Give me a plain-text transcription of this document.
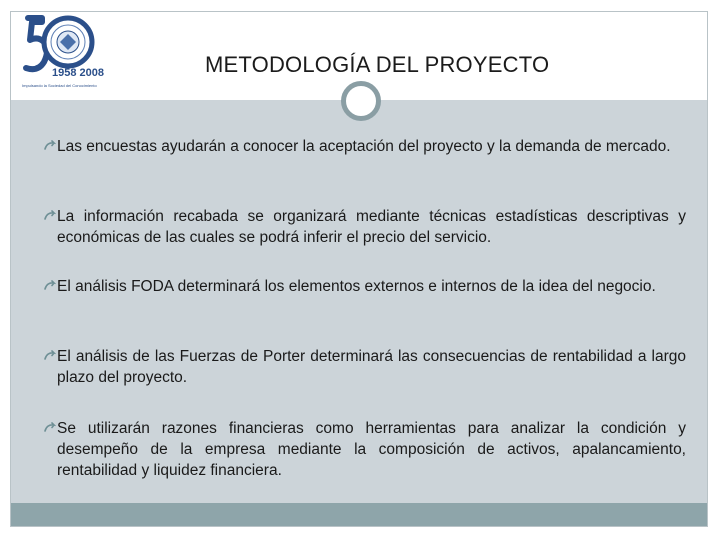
1958 2008
Impulsando la Sociedad del Conocimiento
METODOLOGÍA DEL PROYECTO
Las encuestas ayudarán a conocer la aceptación del proyecto y la demanda de mercado.
La información recabada se organizará mediante técnicas estadísticas descriptivas y económicas de las cuales se podrá inferir el precio del servicio.
El análisis FODA determinará los elementos externos e internos de la idea del negocio.
El análisis de las Fuerzas de Porter determinará las consecuencias de rentabilidad a largo plazo del proyecto.
Se utilizarán razones financieras como herramientas para analizar la condición y desempeño de la empresa mediante la composición de activos, apalancamiento, rentabilidad y liquidez financiera.
